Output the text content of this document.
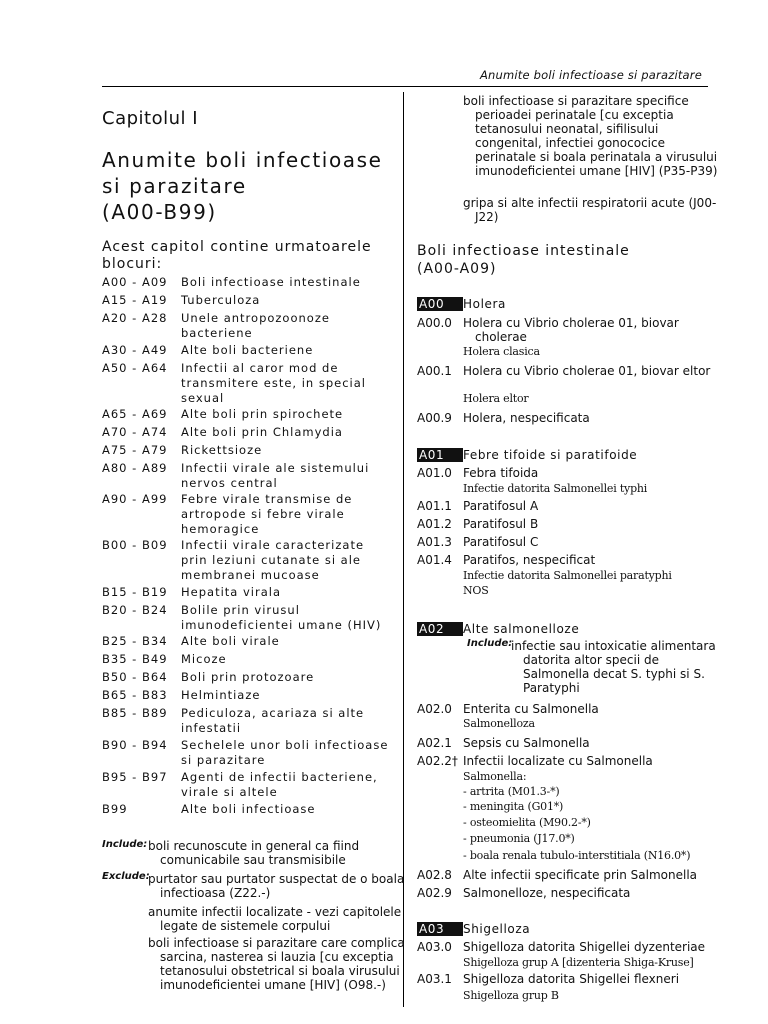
Anumite boli infectioase si parazitare
Capitolul I
Anumite boli infectioase
si parazitare
(A00-B99)
Acest capitol contine urmatoarele
blocuri:
A00 - A09	Boli infectioase intestinale
A15 - A19	Tuberculoza
A20 - A28	Unele antropozoonoze bacteriene
A30 - A49	Alte boli bacteriene
A50 - A64	Infectii al caror mod de transmitere este, in special sexual
A65 - A69	Alte boli prin spirochete
A70 - A74	Alte boli prin Chlamydia
A75 - A79	Rickettsioze
A80 - A89	Infectii virale ale sistemului nervos central
A90 - A99	Febre virale transmise de artropode si febre virale hemoragice
B00 - B09	Infectii virale caracterizate prin leziuni cutanate si ale membranei mucoase
B15 - B19	Hepatita virala
B20 - B24	Bolile prin virusul imunodeficientei umane (HIV)
B25 - B34	Alte boli virale
B35 - B49	Micoze
B50 - B64	Boli prin protozoare
B65 - B83	Helmintiaze
B85 - B89	Pediculoza, acariaza si alte infestatii
B90 - B94	Sechelele unor boli infectioase si parazitare
B95 - B97	Agenti de infectii bacteriene, virale si altele
B99	Alte boli infectioase
Include: boli recunoscute in general ca fiind comunicabile sau transmisibile
Exclude:
purtator sau purtator suspectat de o boala infectioasa (Z22.-)
anumite infectii localizate - vezi capitolele legate de sistemele corpului
boli infectioase si parazitare care complica sarcina, nasterea si lauzia [cu exceptia tetanosului obstetrical si boala virusului imunodeficientei umane [HIV] (O98.-)
boli infectioase si parazitare specifice perioadei perinatale [cu exceptia tetanosului neonatal, sifilisului congenital, infectiei gonococice perinatale si boala perinatala a virusului imunodeficientei umane [HIV] (P35-P39)
gripa si alte infectii respiratorii acute (J00-J22)
Boli infectioase intestinale
(A00-A09)
A00	Holera
A00.0 Holera cu Vibrio cholerae 01, biovar cholerae
Holera clasica
A00.1 Holera cu Vibrio cholerae 01, biovar eltor
Holera eltor
A00.9 Holera, nespecificata
A01	Febre tifoide si paratifoide
A01.0 Febra tifoida
Infectie datorita Salmonellei typhi
A01.1 Paratifosul A
A01.2 Paratifosul B
A01.3 Paratifosul C
A01.4 Paratifos, nespecificat
Infectie datorita Salmonellei paratyphi
NOS
A02	Alte salmonelloze
Include:
infectie sau intoxicatie alimentara datorita altor specii de Salmonella decat S. typhi si S. Paratyphi
A02.0 Enterita cu Salmonella
Salmonelloza
A02.1 Sepsis cu Salmonella
A02.2† Infectii localizate cu Salmonella
Salmonella:
- artrita (M01.3-*)
- meningita (G01*)
- osteomielita (M90.2-*)
- pneumonia (J17.0*)
- boala renala tubulo-interstitiala (N16.0*)
A02.8 Alte infectii specificate prin Salmonella
A02.9 Salmonelloze, nespecificata
A03	Shigelloza
A03.0 Shigelloza datorita Shigellei dyzenteriae
Shigelloza grup A [dizenteria Shiga-Kruse]
A03.1 Shigelloza datorita Shigellei flexneri
Shigelloza grup B
